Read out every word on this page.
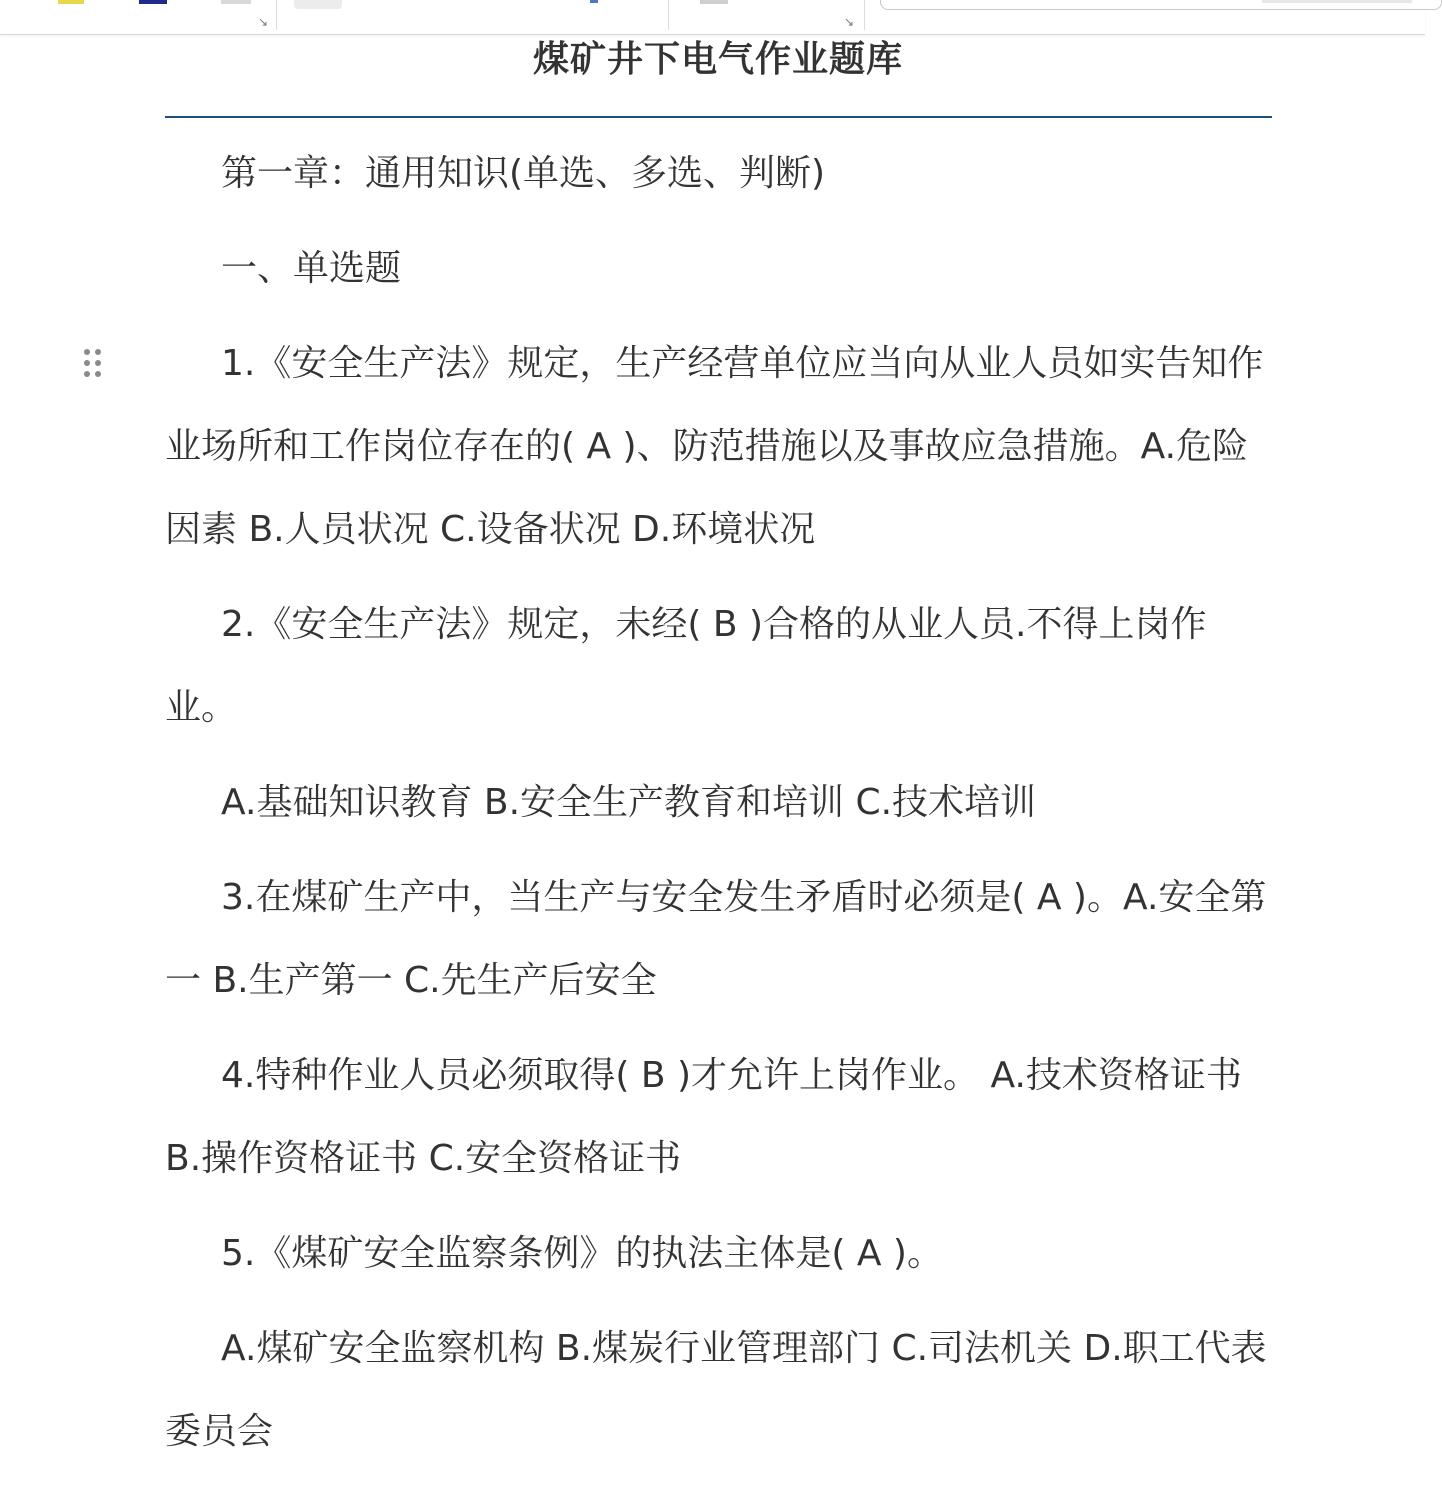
↘	↘
煤矿井下电气作业题库

第一章：通用知识(单选、多选、判断)

一、单选题

1.《安全生产法》规定，生产经营单位应当向从业人员如实告知作业场所和工作岗位存在的( A )、防范措施以及事故应急措施。A.危险因素 B.人员状况 C.设备状况 D.环境状况

2.《安全生产法》规定，未经( B )合格的从业人员.不得上岗作业。

A.基础知识教育 B.安全生产教育和培训 C.技术培训

3.在煤矿生产中，当生产与安全发生矛盾时必须是( A )。A.安全第一 B.生产第一 C.先生产后安全

4.特种作业人员必须取得( B )才允许上岗作业。 A.技术资格证书 B.操作资格证书 C.安全资格证书

5.《煤矿安全监察条例》的执法主体是( A )。

A.煤矿安全监察机构 B.煤炭行业管理部门 C.司法机关 D.职工代表委员会
